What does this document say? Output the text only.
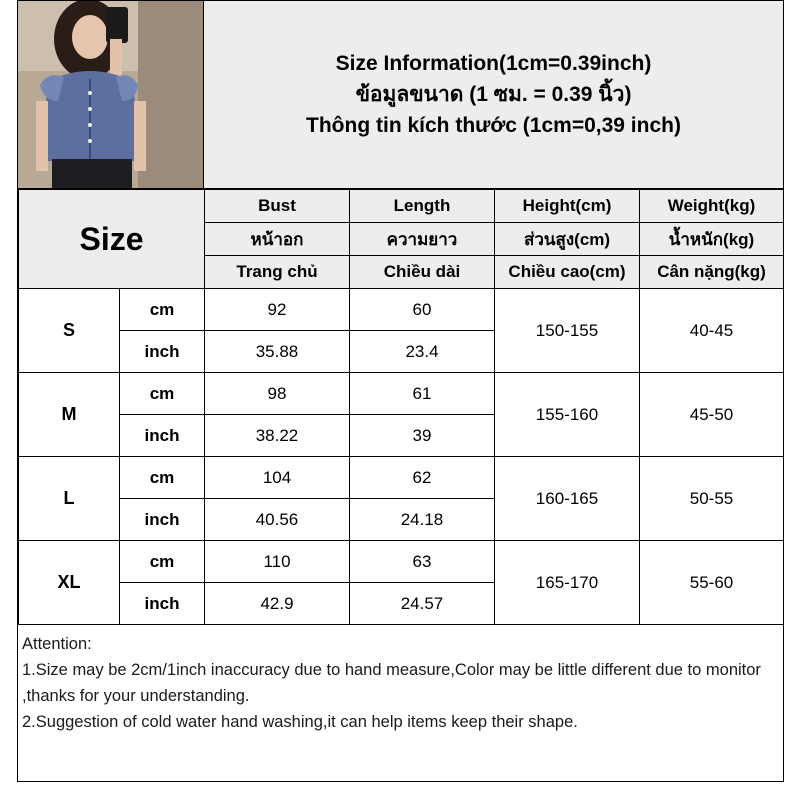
Size Information(1cm=0.39inch)
ข้อมูลขนาด (1 ซม. = 0.39 นิ้ว)
Thông tin kích thước (1cm=0,39 inch)
Size		Bust	Length	Height(cm)	Weight(kg)
		หน้าอก	ความยาว	ส่วนสูง(cm)	น้ำหนัก(kg)
		Trang chủ	Chiều dài	Chiều cao(cm)	Cân nặng(kg)
S	cm	92	60	150-155	40-45
	inch	35.88	23.4		
M	cm	98	61	155-160	45-50
	inch	38.22	39		
L	cm	104	62	160-165	50-55
	inch	40.56	24.18		
XL	cm	110	63	165-170	55-60
	inch	42.9	24.57		
Attention:
1.Size may be 2cm/1inch inaccuracy due to hand measure,Color may be little different due to monitor ,thanks for your understanding.
2.Suggestion of cold water hand washing,it can help items keep their shape.
